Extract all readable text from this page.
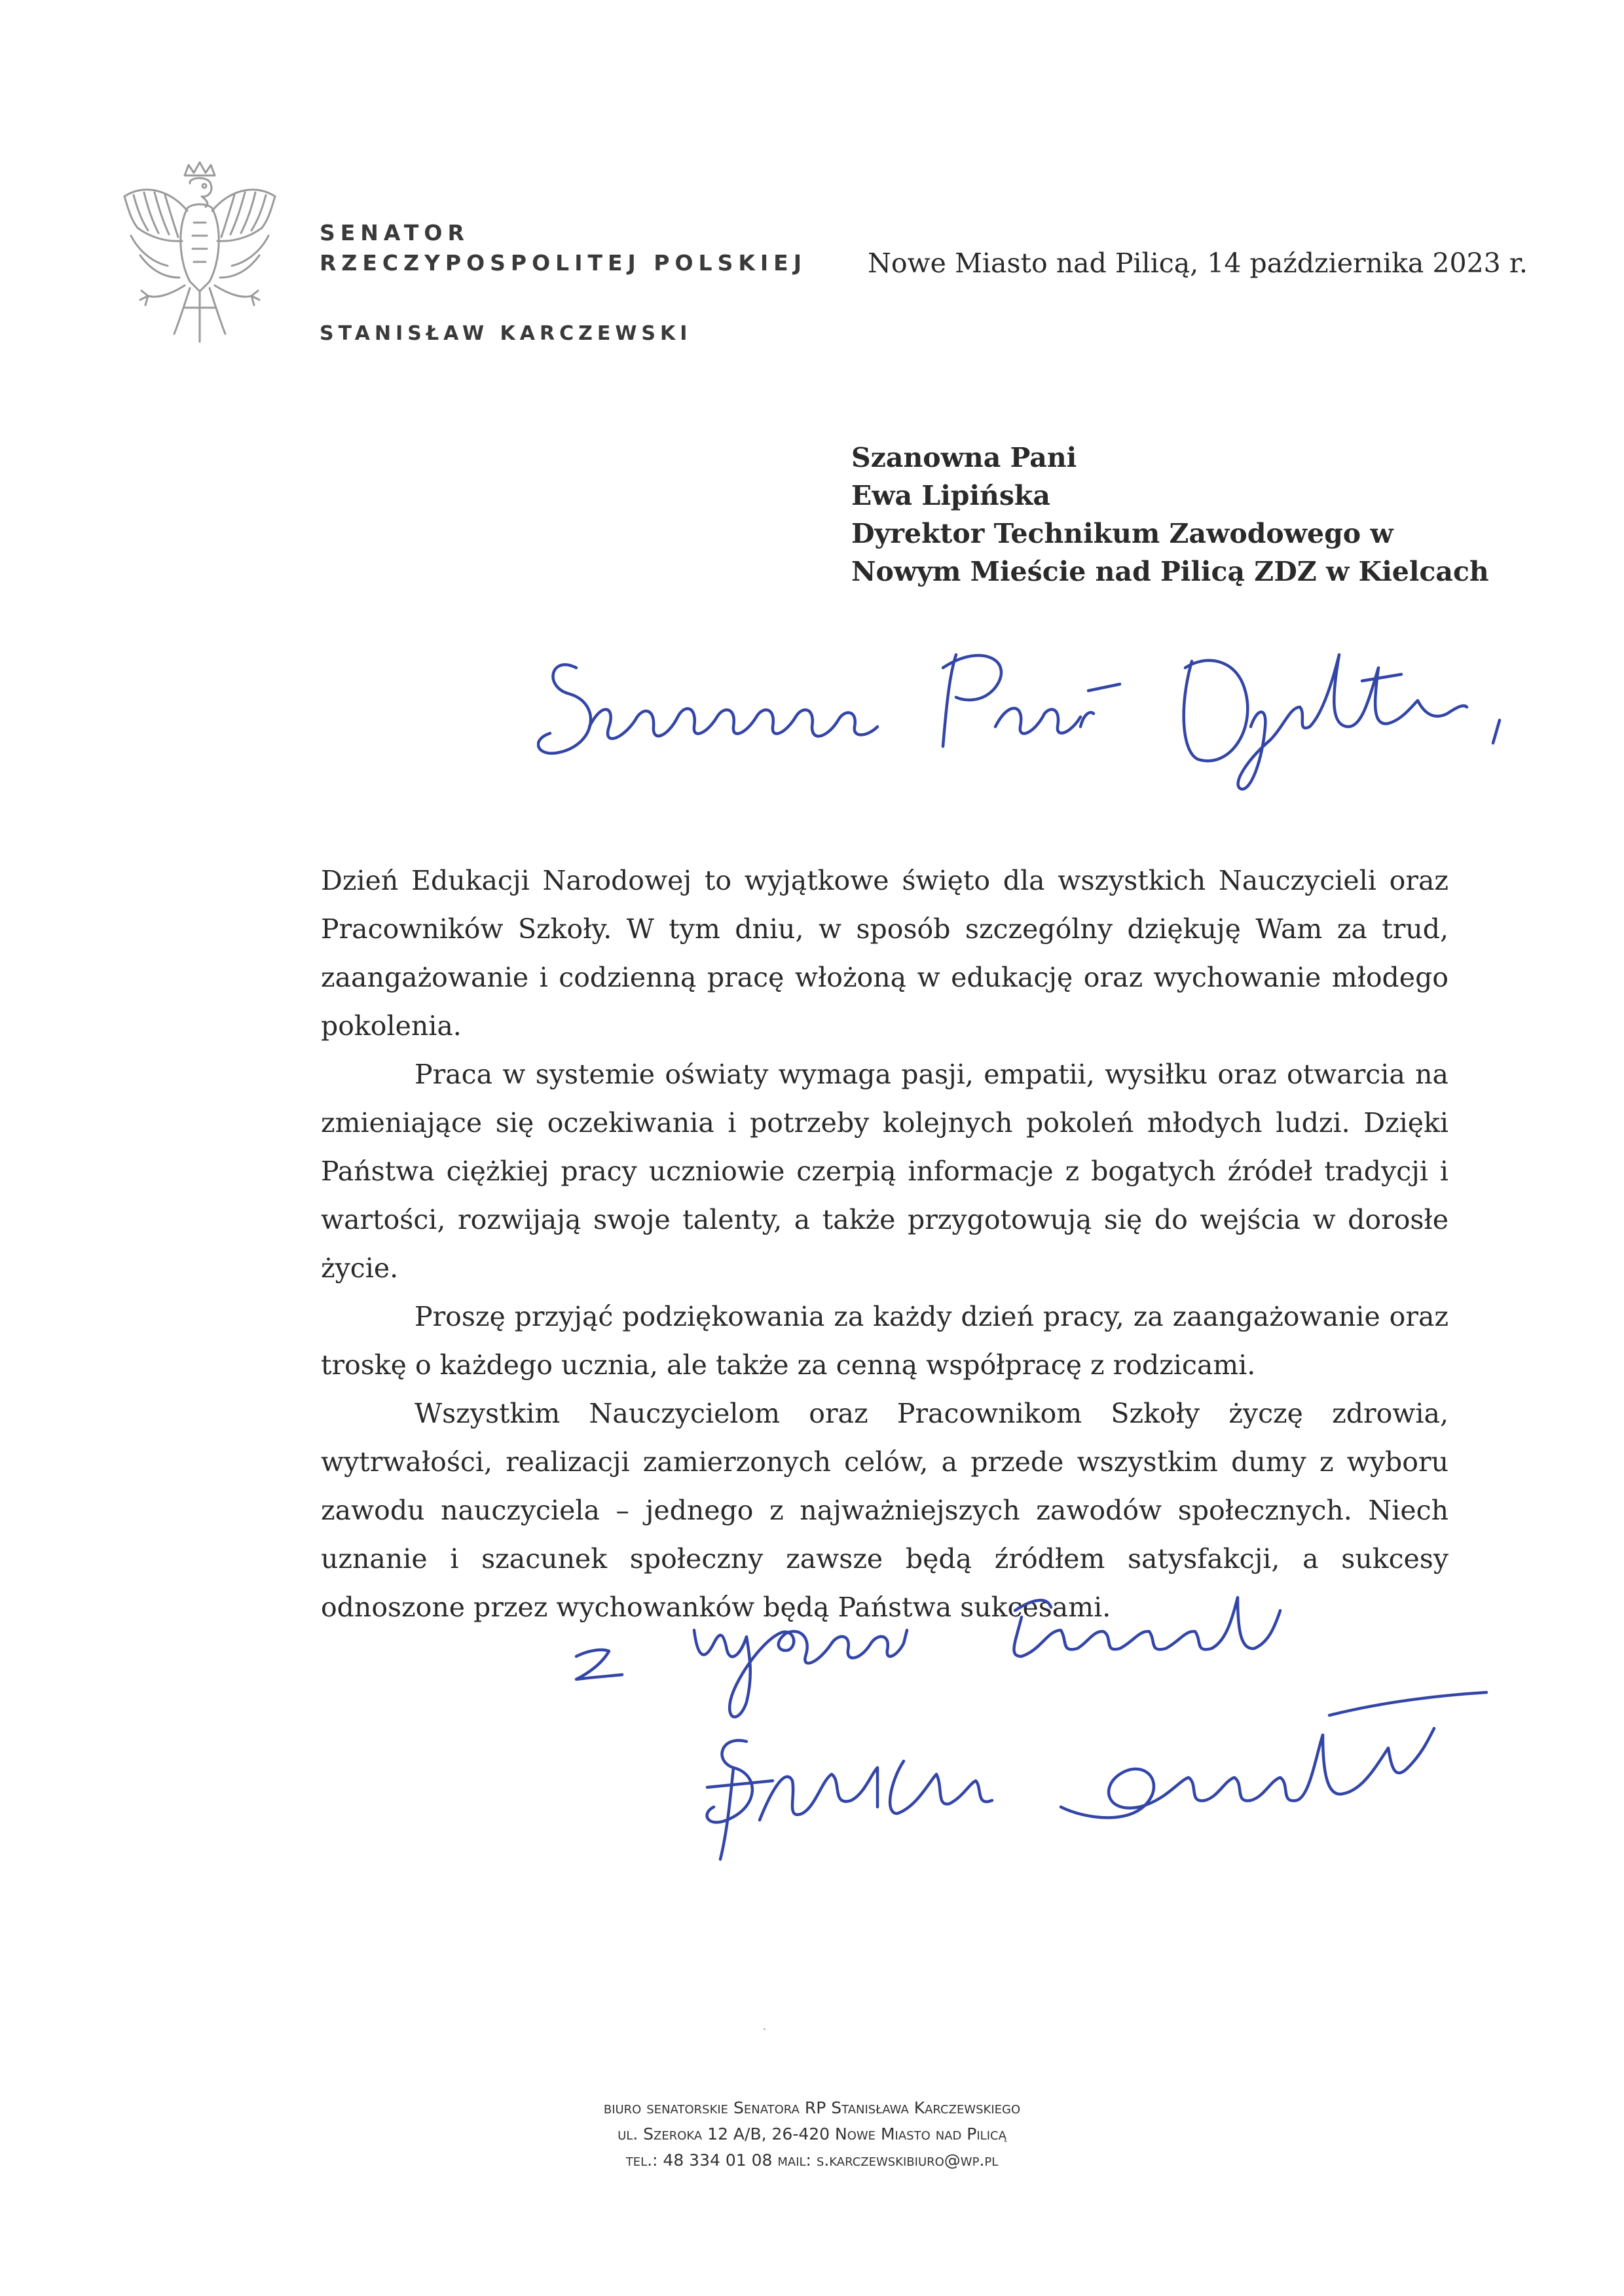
SENATOR
RZECZYPOSPOLITEJ POLSKIEJ
STANISŁAW KARCZEWSKI
Nowe Miasto nad Pilicą, 14 października 2023 r.
Szanowna Pani
Ewa Lipińska
Dyrektor Technikum Zawodowego w
Nowym Mieście nad Pilicą ZDZ w Kielcach

Dzień Edukacji Narodowej to wyjątkowe święto dla wszystkich Nauczycieli oraz Pracowników Szkoły. W tym dniu, w sposób szczególny dziękuję Wam za trud, zaangażowanie i codzienną pracę włożoną w edukację oraz wychowanie młodego pokolenia.

Praca w systemie oświaty wymaga pasji, empatii, wysiłku oraz otwarcia na zmieniające się oczekiwania i potrzeby kolejnych pokoleń młodych ludzi. Dzięki Państwa ciężkiej pracy uczniowie czerpią informacje z bogatych źródeł tradycji i wartości, rozwijają swoje talenty, a także przygotowują się do wejścia w dorosłe życie.

Proszę przyjąć podziękowania za każdy dzień pracy, za zaangażowanie oraz troskę o każdego ucznia, ale także za cenną współpracę z rodzicami.

Wszystkim Nauczycielom oraz Pracownikom Szkoły życzę zdrowia, wytrwałości, realizacji zamierzonych celów, a przede wszystkim dumy z wyboru zawodu nauczyciela – jednego z najważniejszych zawodów społecznych. Niech uznanie i szacunek społeczny zawsze będą źródłem satysfakcji, a sukcesy odnoszone przez wychowanków będą Państwa sukcesami.

biuro senatorskie Senatora RP Stanisława Karczewskiego
ul. Szeroka 12 A/B, 26-420 Nowe Miasto nad Pilicą
tel.: 48 334 01 08 mail: s.karczewskibiuro@wp.pl
